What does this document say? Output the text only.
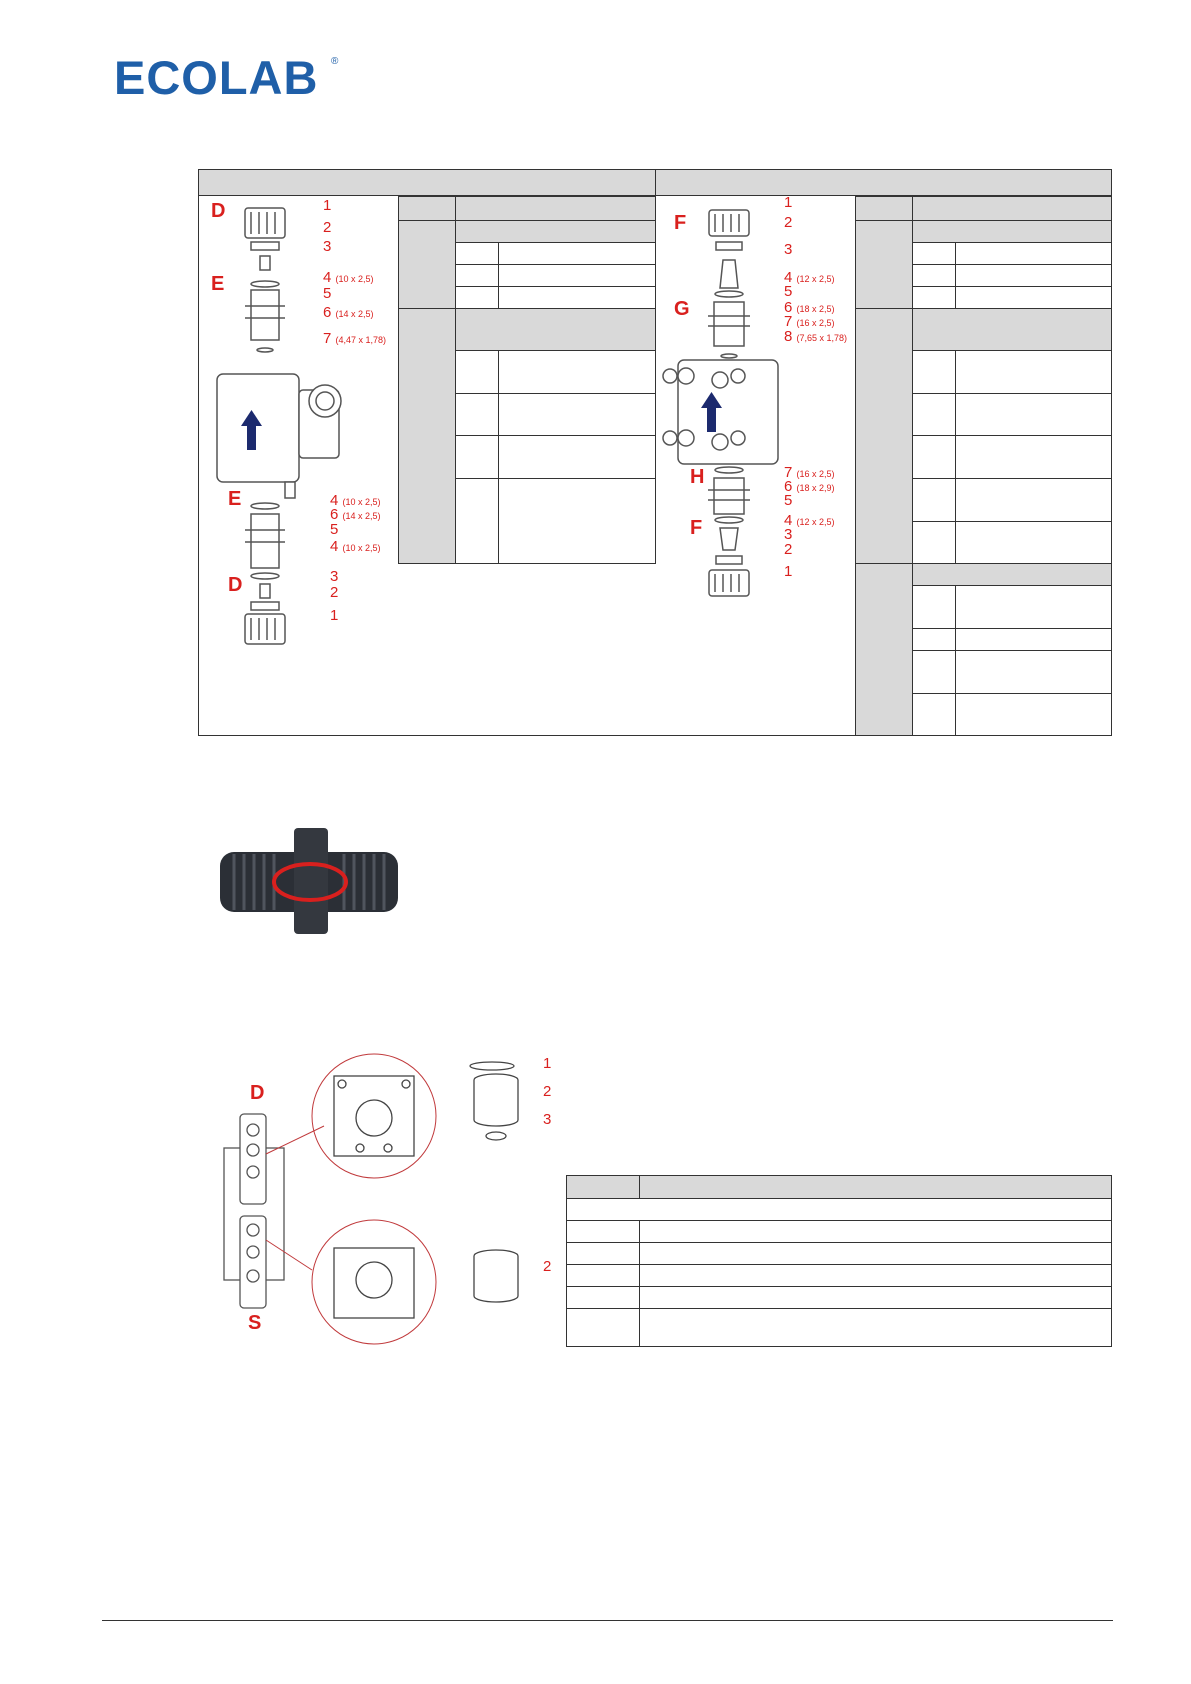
ECOLAB ®
D
E
E
D
1
2
3
4 (10 x 2,5)
5
6 (14 x 2,5)
7 (4,47 x 1,78)
4 (10 x 2,5)
6 (14 x 2,5)
5
4 (10 x 2,5)
3
2
1
F
G
H
F
1
2
3
4 (12 x 2,5)
5
6 (18 x 2,5)
7 (16 x 2,5)
8 (7,65 x 1,78)
7 (16 x 2,5)
6 (18 x 2,9)
5
4 (12 x 2,5)
3
2
1
D
S
1
2
3
2
